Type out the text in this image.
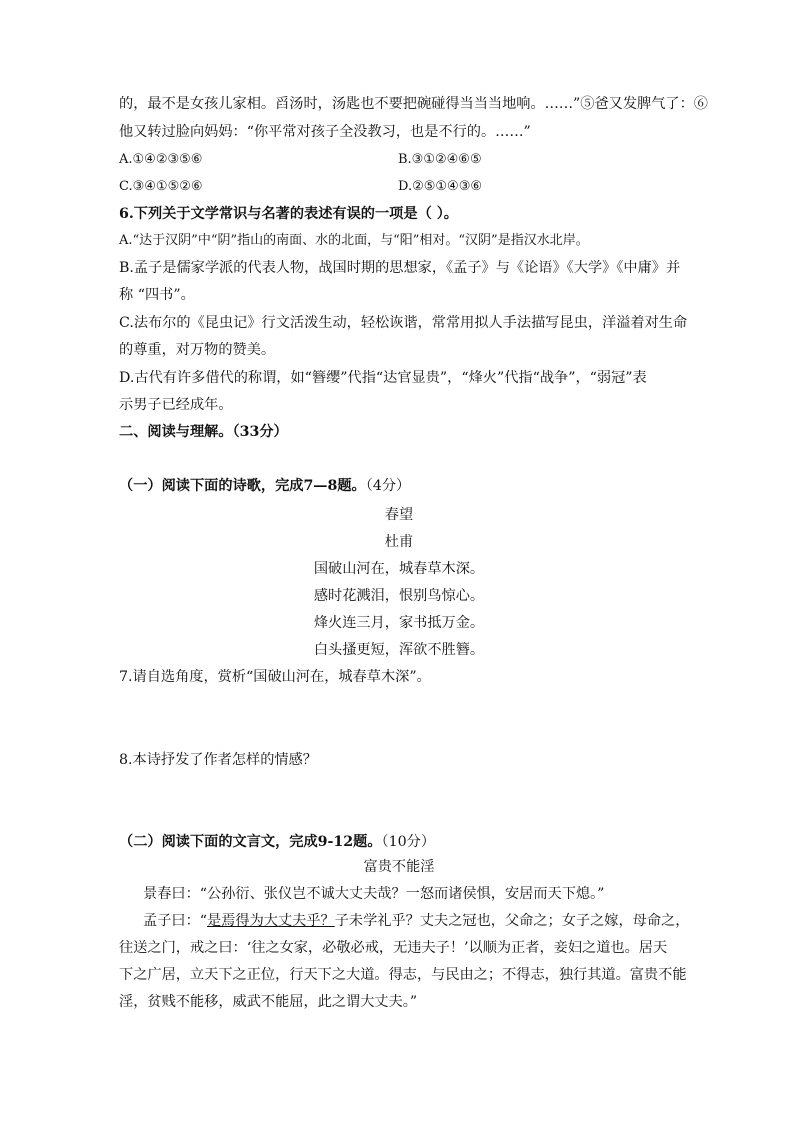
的，最不是女孩儿家相。舀汤时，汤匙也不要把碗碰得当当当地响。……”⑤爸又发脾气了：⑥
他又转过脸向妈妈：“你平常对孩子全没教习，也是不行的。……”
A.①④②③⑤⑥	B.③①②④⑥⑤
C.③④①⑤②⑥	D.②⑤①④③⑥
6.下列关于文学常识与名著的表述有误的一项是（ ）。
A.“达于汉阴”中“阴”指山的南面、水的北面，与“阳”相对。“汉阴”是指汉水北岸。
B.孟子是儒家学派的代表人物，战国时期的思想家，《孟子》与《论语》《大学》《中庸》并
称 “四书”。
C.法布尔的《昆虫记》行文活泼生动，轻松诙谐，常常用拟人手法描写昆虫，洋溢着对生命
的尊重，对万物的赞美。
D.古代有许多借代的称谓，如“簪缨”代指“达官显贵”，“烽火”代指“战争”，“弱冠”表
示男子已经成年。
二、阅读与理解。（33分）
（一）阅读下面的诗歌，完成7—8题。（4分）
春望
杜甫
国破山河在，城春草木深。
感时花溅泪，恨别鸟惊心。
烽火连三月，家书抵万金。
白头搔更短，浑欲不胜簪。
7.请自选角度，赏析“国破山河在，城春草木深”。
8.本诗抒发了作者怎样的情感？
（二）阅读下面的文言文，完成9-12题。（10分）
富贵不能淫
景春曰：“公孙衍、张仪岂不诚大丈夫哉？一怒而诸侯惧，安居而天下熄。”
孟子曰：“是焉得为大丈夫乎？子未学礼乎？丈夫之冠也，父命之；女子之嫁，母命之，
往送之门，戒之曰：‘往之女家，必敬必戒，无违夫子！’以顺为正者，妾妇之道也。居天
下之广居，立天下之正位，行天下之大道。得志，与民由之；不得志，独行其道。富贵不能
淫，贫贱不能移，威武不能屈，此之谓大丈夫。”
